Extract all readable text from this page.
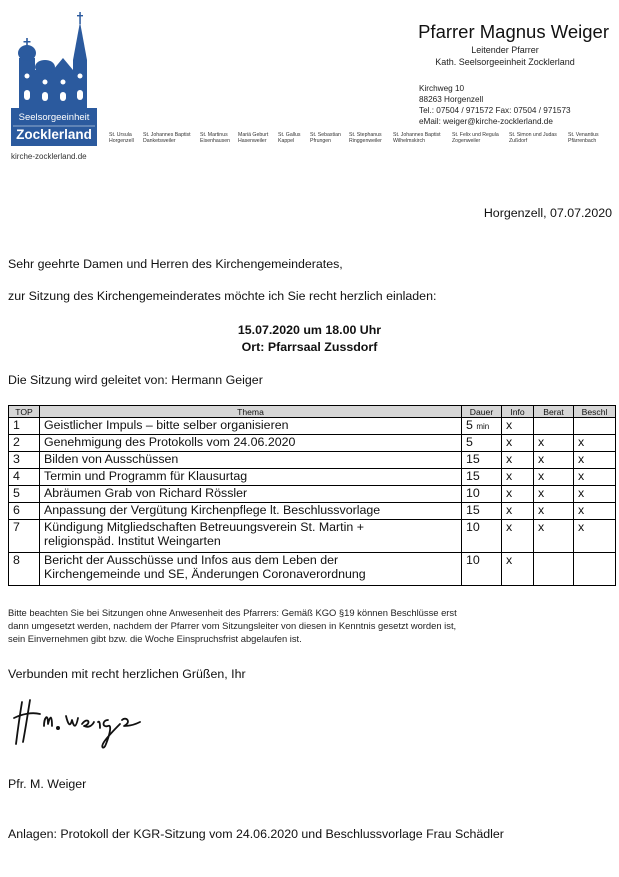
Seelsorgeeinheit
Zocklerland
kirche-zocklerland.de
St. Ursula
Horgenzell
St. Johannes Baptist
Danketsweiler
St. Martinus
Eisenhausen
Mariä Geburt
Hasenweiler
St. Gallus
Kappel
St. Sebastian
Pfrungen
St. Stephanus
Ringgenweiler
St. Johannes Baptist
Wilhelmskirch
St. Felix und Regula
Zogenweiler
St. Simon und Judas
Zußdorf
St. Venantius
Pfärrenbach
Pfarrer Magnus Weiger
Leitender Pfarrer
Kath. Seelsorgeeinheit Zocklerland
Kirchweg 10
88263 Horgenzell
Tel.: 07504 / 971572 Fax: 07504 / 971573
eMail: weiger@kirche-zocklerland.de
Horgenzell, 07.07.2020
Sehr geehrte Damen und Herren des Kirchengemeinderates,
zur Sitzung des Kirchengemeinderates möchte ich Sie recht herzlich einladen:
15.07.2020 um 18.00 Uhr
Ort: Pfarrsaal Zussdorf
Die Sitzung wird geleitet von: Hermann Geiger
TOP	Thema	Dauer	Info	Berat	Beschl
1	Geistlicher Impuls – bitte selber organisieren	5 min	x		
2	Genehmigung des Protokolls vom 24.06.2020	5	x	x	x
3	Bilden von Ausschüssen	15	x	x	x
4	Termin und Programm für Klausurtag	15	x	x	x
5	Abräumen Grab von Richard Rössler	10	x	x	x
6	Anpassung der Vergütung Kirchenpflege lt. Beschlussvorlage	15	x	x	x
7	Kündigung Mitgliedschaften Betreuungsverein St. Martin +
religionspäd. Institut Weingarten	10	x	x	x
8	Bericht der Ausschüsse und Infos aus dem Leben der
Kirchengemeinde und SE, Änderungen Coronaverordnung	10	x		
Bitte beachten Sie bei Sitzungen ohne Anwesenheit des Pfarrers: Gemäß KGO §19 können Beschlüsse erst
dann umgesetzt werden, nachdem der Pfarrer vom Sitzungsleiter von diesen in Kenntnis gesetzt worden ist,
sein Einvernehmen gibt bzw. die Woche Einspruchsfrist abgelaufen ist.
Verbunden mit recht herzlichen Grüßen, Ihr
Pfr. M. Weiger
Anlagen: Protokoll der KGR-Sitzung vom 24.06.2020 und Beschlussvorlage Frau Schädler
